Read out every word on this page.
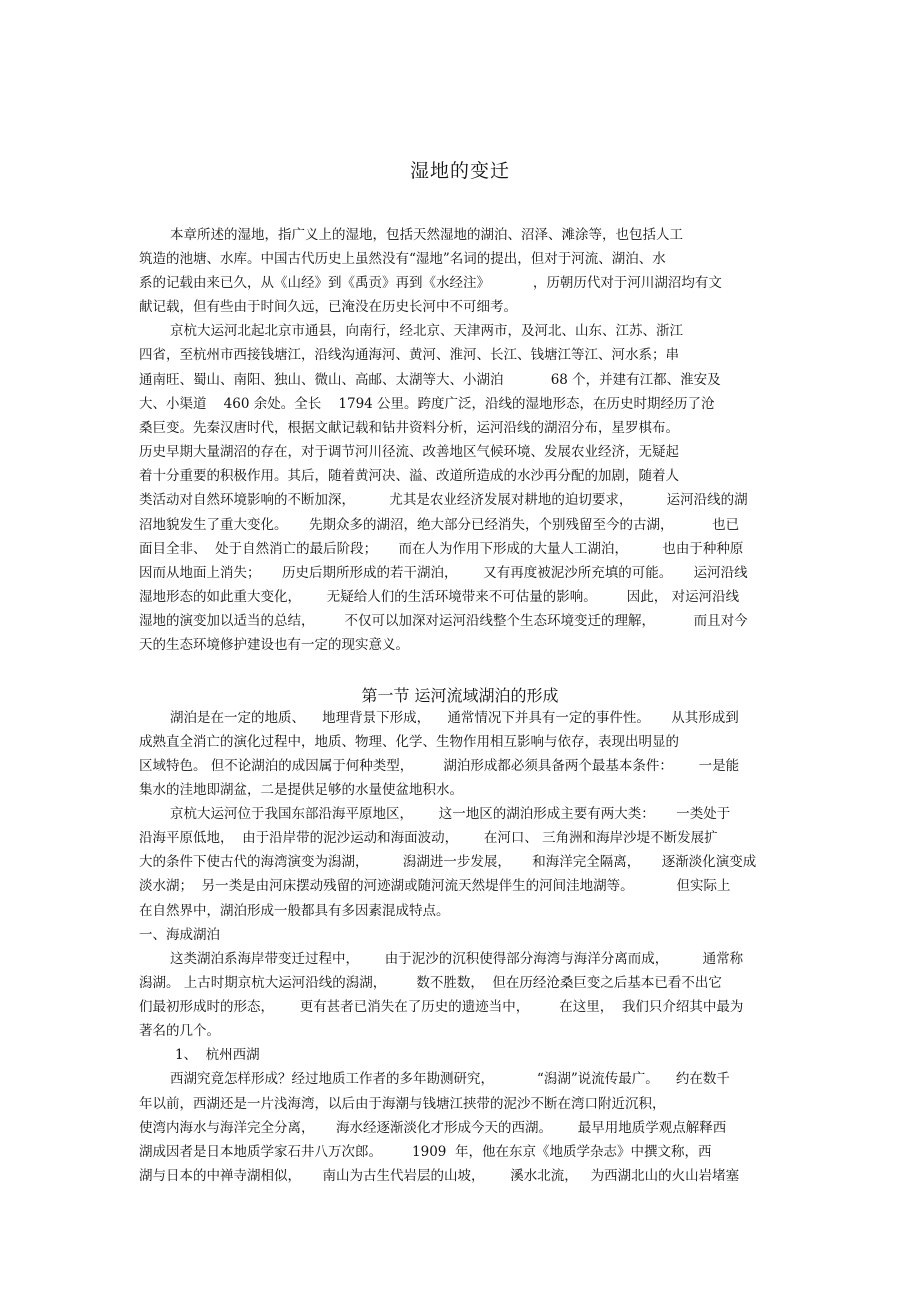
湿地的变迁
本章所述的湿地，指广义上的湿地，包括天然湿地的湖泊、沼泽、滩涂等，也包括人工
筑造的池塘、水库。中国古代历史上虽然没有“湿地”名词的提出，但对于河流、湖泊、水
系的记载由来已久，从《山经》到《禹贡》再到《水经注》          ，历朝历代对于河川湖沼均有文
献记载，但有些由于时间久远，已淹没在历史长河中不可细考。
京杭大运河北起北京市通县，向南行，经北京、天津两市，及河北、山东、江苏、浙江
四省，至杭州市西接钱塘江，沿线沟通海河、黄河、淮河、长江、钱塘江等江、河水系；串
通南旺、蜀山、南阳、独山、微山、高邮、太湖等大、小湖泊           68 个，并建有江都、淮安及
大、小渠道    460 余处。全长    1794 公里。跨度广泛，沿线的湿地形态，在历史时期经历了沧
桑巨变。先秦汉唐时代，根据文献记载和钻井资料分析，运河沿线的湖沼分布，星罗棋布。
历史早期大量湖沼的存在，对于调节河川径流、改善地区气候环境、发展农业经济，无疑起
着十分重要的积极作用。其后，随着黄河决、溢、改道所造成的水沙再分配的加剧，随着人
类活动对自然环境影响的不断加深，        尤其是农业经济发展对耕地的迫切要求，        运河沿线的湖
沼地貌发生了重大变化。     先期众多的湖沼，绝大部分已经消失，个别残留至今的古湖，         也已
面目全非、  处于自然消亡的最后阶段；     而在人为作用下形成的大量人工湖泊，        也由于种种原
因而从地面上消失；     历史后期所形成的若干湖泊，      又有再度被泥沙所充填的可能。     运河沿线
湿地形态的如此重大变化，      无疑给人们的生活环境带来不可估量的影响。       因此， 对运河沿线
湿地的演变加以适当的总结，       不仅可以加深对运河沿线整个生态环境变迁的理解，         而且对今
天的生态环境修护建设也有一定的现实意义。
第一节 运河流域湖泊的形成
湖泊是在一定的地质、    地理背景下形成，    通常情况下并具有一定的事件性。     从其形成到
成熟直全消亡的演化过程中，地质、物理、化学、生物作用相互影响与依存，表现出明显的
区域特色。 但不论湖泊的成因属于何种类型，       湖泊形成都必须具备两个最基本条件：      一是能
集水的洼地即湖盆，二是提供足够的水量使盆地积水。
京杭大运河位于我国东部沿海平原地区，      这一地区的湖泊形成主要有两大类：     一类处于
沿海平原低地，  由于沿岸带的泥沙运动和海面波动，      在河口、 三角洲和海岸沙堤不断发展扩
大的条件下使古代的海湾演变为潟湖，        潟湖进一步发展，     和海洋完全隔离，     逐渐淡化演变成
淡水湖；  另一类是由河床摆动残留的河迹湖或随河流天然堤伴生的河间洼地湖等。          但实际上
在自然界中，湖泊形成一般都具有多因素混成特点。
一、海成湖泊
这类湖泊系海岸带变迁过程中，      由于泥沙的沉积使得部分海湾与海洋分离而成，        通常称
潟湖。 上古时期京杭大运河沿线的潟湖，       数不胜数，  但在历经沧桑巨变之后基本已看不出它
们最初形成时的形态，      更有甚者已消失在了历史的遗迹当中，       在这里，  我们只介绍其中最为
著名的几个。
1、  杭州西湖
西湖究竟怎样形成？经过地质工作者的多年勘测研究，          “潟湖”说流传最广。    约在数千
年以前，西湖还是一片浅海湾，以后由于海潮与钱塘江挟带的泥沙不断在湾口附近沉积，
使湾内海水与海洋完全分离，     海水经逐渐淡化才形成今天的西湖。      最早用地质学观点解释西
湖成因者是日本地质学家石井八万次郎。       1909  年，他在东京《地质学杂志》中撰文称，西
湖与日本的中禅寺湖相似，     南山为古生代岩层的山坡，      溪水北流，   为西湖北山的火山岩堵塞
